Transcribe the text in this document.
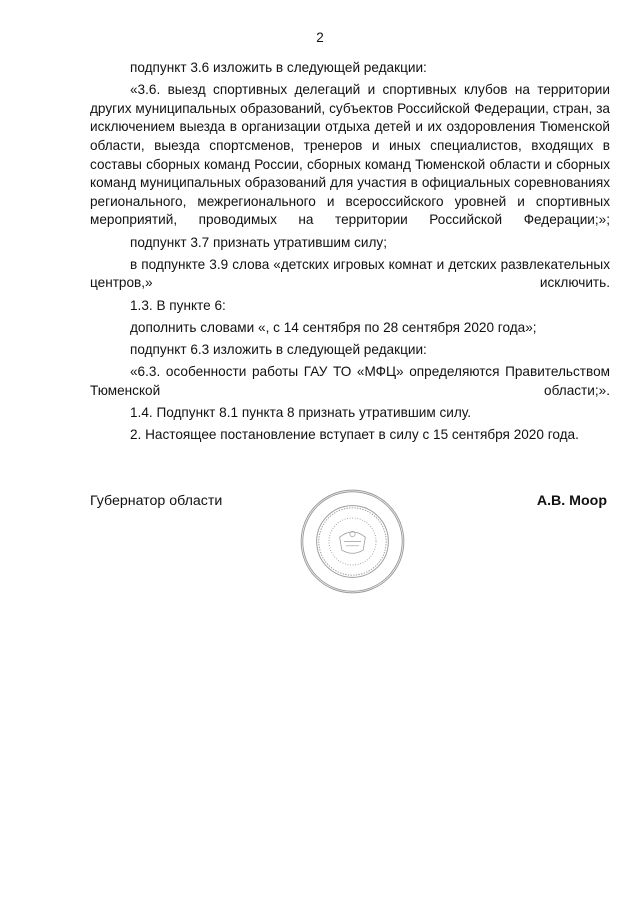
2

подпункт 3.6 изложить в следующей редакции:

«3.6. выезд спортивных делегаций и спортивных клубов на территории других муниципальных образований, субъектов Российской Федерации, стран, за исключением выезда в организации отдыха детей и их оздоровления Тюменской области, выезда спортсменов, тренеров и иных специалистов, входящих в составы сборных команд России, сборных команд Тюменской области и сборных команд муниципальных образований для участия в официальных соревнованиях регионального, межрегионального и всероссийского уровней и спортивных мероприятий, проводимых на территории Российской Федерации;»;

подпункт 3.7 признать утратившим силу;

в подпункте 3.9 слова «детских игровых комнат и детских развлекательных центров,» исключить.

1.3. В пункте 6:

дополнить словами «, с 14 сентября по 28 сентября 2020 года»;

подпункт 6.3 изложить в следующей редакции:

«6.3. особенности работы ГАУ ТО «МФЦ» определяются Правительством Тюменской области;».

1.4. Подпункт 8.1 пункта 8 признать утратившим силу.

2. Настоящее постановление вступает в силу с 15 сентября 2020 года.

Губернатор области	А.В. Моор
